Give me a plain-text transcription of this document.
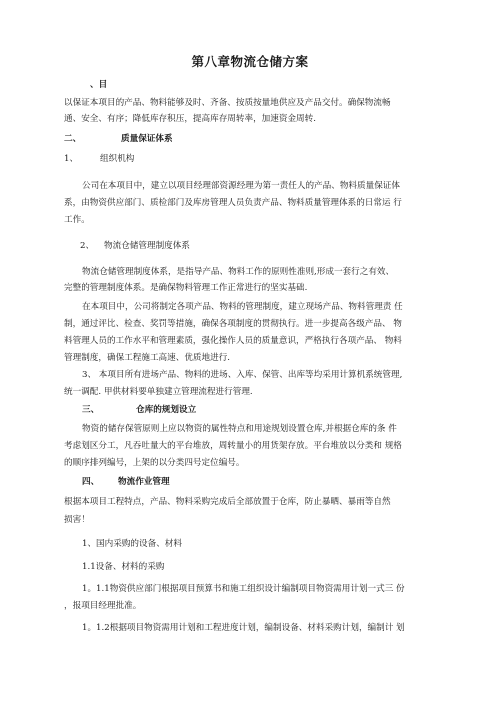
第八章物流仓储方案
、目
以保证本项目的产品、物料能够及时、齐备、按质按量地供应及产品交付。确保物流畅
通、安全、有序；降低库存积压，提高库存周转率，加速资金周转.
二、	质量保证体系
1、	组织机构
公司在本项目中，建立以项目经理部资源经理为第一责任人的产品、物料质量保证体
系，由物资供应部门、质检部门及库房管理人员负责产品、物料质量管理体系的日常运 行
工作。
2、 物流仓储管理制度体系
物流仓储管理制度体系，是指导产品、物料工作的原则性准则,形成一套行之有效、
完整的管理制度体系。是确保物料管理工作正常进行的坚实基础.
在本项目中，公司将制定各项产品、物料的管理制度，建立现场产品、物料管理责 任
制，通过评比、检查、奖罚等措施，确保各项制度的贯彻执行。进一步提高各级产品、 物
料管理人员的工作水平和管理素质，强化操作人员的质量意识，严格执行各项产品、 物料
管理制度，确保工程施工高速、优质地进行.
3、 本项目所有进场产品、物料的进场、入库、保管、出库等均采用计算机系统管理,
统一调配. 甲供材料要单独建立管理流程进行管理.
三、	仓库的规划设立
物资的储存保管原则上应以物资的属性特点和用途规划设置仓库,并根据仓库的条 件
考虑划区分工，凡吞吐量大的平台堆放，周转量小的用货架存放。平台堆放以分类和 规格
的顺序排列编号，上架的以分类四号定位编号。
四、 物流作业管理
根据本项目工程特点，产品、物料采购完成后全部放置于仓库，防止暴晒、暴雨等自然
损害！
1、国内采购的设备、材料
1.1设备、材料的采购
1。1.1物资供应部门根据项目预算书和施工组织设计编制项目物资需用计划一式三 份
，报项目经理批准。
1。1.2根据项目物资需用计划和工程进度计划，编制设备、材料采购计划，编制计 划
